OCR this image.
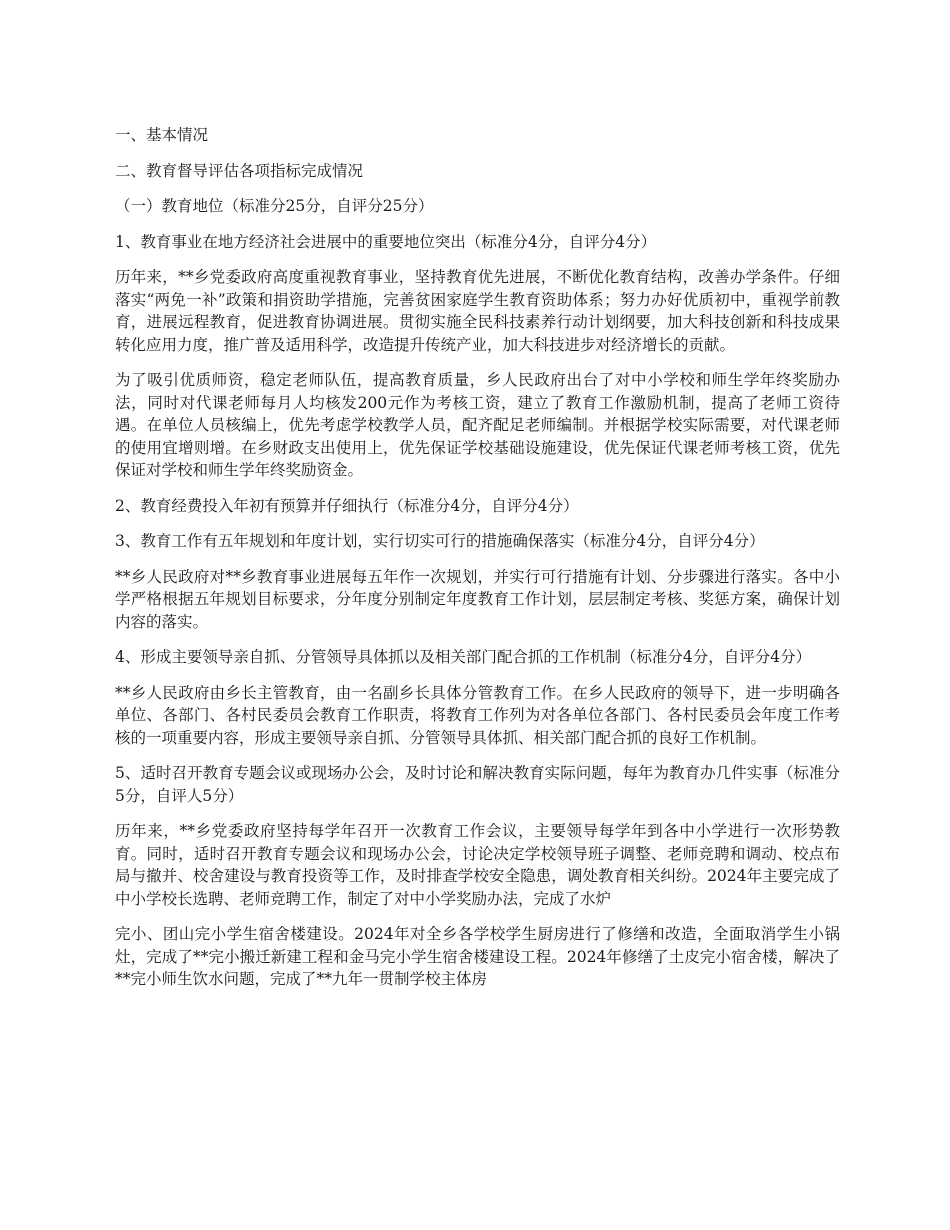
一、基本情况

二、教育督导评估各项指标完成情况

（一）教育地位（标准分25分，自评分25分）

1、教育事业在地方经济社会进展中的重要地位突出（标准分4分，自评分4分）

历年来，**乡党委政府高度重视教育事业，坚持教育优先进展，不断优化教育结构，改善办学条件。仔细落实“两免一补”政策和捐资助学措施，完善贫困家庭学生教育资助体系；努力办好优质初中，重视学前教育，进展远程教育，促进教育协调进展。贯彻实施全民科技素养行动计划纲要，加大科技创新和科技成果转化应用力度，推广普及适用科学，改造提升传统产业，加大科技进步对经济增长的贡献。

为了吸引优质师资，稳定老师队伍，提高教育质量，乡人民政府出台了对中小学校和师生学年终奖励办法，同时对代课老师每月人均核发200元作为考核工资，建立了教育工作激励机制，提高了老师工资待遇。在单位人员核编上，优先考虑学校教学人员，配齐配足老师编制。并根据学校实际需要，对代课老师的使用宜增则增。在乡财政支出使用上，优先保证学校基础设施建设，优先保证代课老师考核工资，优先保证对学校和师生学年终奖励资金。

2、教育经费投入年初有预算并仔细执行（标准分4分，自评分4分）

3、教育工作有五年规划和年度计划，实行切实可行的措施确保落实（标准分4分，自评分4分）

**乡人民政府对**乡教育事业进展每五年作一次规划，并实行可行措施有计划、分步骤进行落实。各中小学严格根据五年规划目标要求，分年度分别制定年度教育工作计划，层层制定考核、奖惩方案，确保计划内容的落实。

4、形成主要领导亲自抓、分管领导具体抓以及相关部门配合抓的工作机制（标准分4分，自评分4分）

**乡人民政府由乡长主管教育，由一名副乡长具体分管教育工作。在乡人民政府的领导下，进一步明确各单位、各部门、各村民委员会教育工作职责，将教育工作列为对各单位各部门、各村民委员会年度工作考核的一项重要内容，形成主要领导亲自抓、分管领导具体抓、相关部门配合抓的良好工作机制。

5、适时召开教育专题会议或现场办公会，及时讨论和解决教育实际问题，每年为教育办几件实事（标准分5分，自评人5分）

历年来，**乡党委政府坚持每学年召开一次教育工作会议，主要领导每学年到各中小学进行一次形势教育。同时，适时召开教育专题会议和现场办公会，讨论决定学校领导班子调整、老师竞聘和调动、校点布局与撤并、校舍建设与教育投资等工作，及时排查学校安全隐患，调处教育相关纠纷。2024年主要完成了中小学校长选聘、老师竞聘工作，制定了对中小学奖励办法，完成了水炉

完小、团山完小学生宿舍楼建设。2024年对全乡各学校学生厨房进行了修缮和改造，全面取消学生小锅灶，完成了**完小搬迁新建工程和金马完小学生宿舍楼建设工程。2024年修缮了土皮完小宿舍楼，解决了**完小师生饮水问题，完成了**九年一贯制学校主体房
